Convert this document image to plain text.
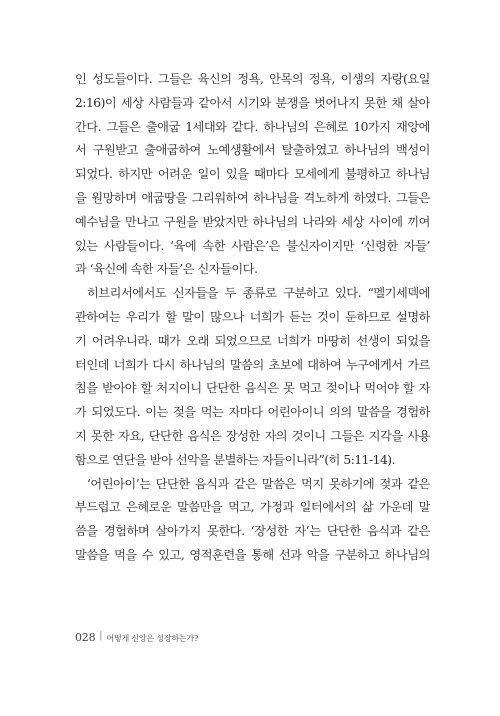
인 성도들이다. 그들은 육신의 정욕, 안목의 정욕, 이생의 자랑(요일
2:16)이 세상 사람들과 같아서 시기와 분쟁을 벗어나지 못한 채 살아
간다. 그들은 출애굽 1세대와 같다. 하나님의 은혜로 10가지 재앙에
서 구원받고 출애굽하여 노예생활에서 탈출하였고 하나님의 백성이
되었다. 하지만 어려운 일이 있을 때마다 모세에게 불평하고 하나님
을 원망하며 애굽땅을 그리워하여 하나님을 격노하게 하였다. 그들은
예수님을 만나고 구원을 받았지만 하나님의 나라와 세상 사이에 끼여
있는 사람들이다. ‘육에 속한 사람은’은 불신자이지만 ‘신령한 자들’
과 ‘육신에 속한 자들’은 신자들이다.
히브리서에서도 신자들을 두 종류로 구분하고 있다. “멜기세덱에
관하여는 우리가 할 말이 많으나 너희가 듣는 것이 둔하므로 설명하
기 어려우니라. 때가 오래 되었으므로 너희가 마땅히 선생이 되었을
터인데 너희가 다시 하나님의 말씀의 초보에 대하여 누구에게서 가르
침을 받아야 할 처지이니 단단한 음식은 못 먹고 젖이나 먹어야 할 자
가 되었도다. 이는 젖을 먹는 자마다 어린아이니 의의 말씀을 경험하
지 못한 자요, 단단한 음식은 장성한 자의 것이니 그들은 지각을 사용
함으로 연단을 받아 선악을 분별하는 자들이니라”(히 5:11-14).
‘어린아이’는 단단한 음식과 같은 말씀은 먹지 못하기에 젖과 같은
부드럽고 은혜로운 말씀만을 먹고, 가정과 일터에서의 삶 가운데 말
씀을 경험하며 살아가지 못한다. ‘장성한 자’는 단단한 음식과 같은
말씀을 먹을 수 있고, 영적훈련을 통해 선과 악을 구분하고 하나님의
028 | 어떻게 신앙은 성장하는가?
